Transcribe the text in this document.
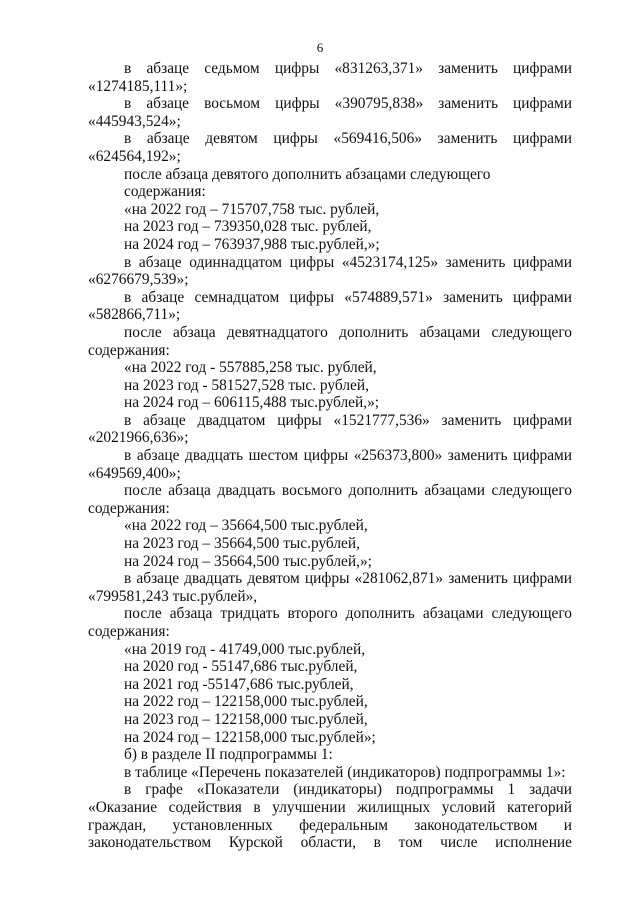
6

в абзаце седьмом цифры «831263,371» заменить цифрами

«1274185,111»;

в абзаце восьмом цифры «390795,838» заменить цифрами

«445943,524»;

в абзаце девятом цифры «569416,506» заменить цифрами

«624564,192»;

после абзаца девятого дополнить абзацами следующего содержания:

«на 2022 год – 715707,758 тыс. рублей,

на 2023 год – 739350,028 тыс. рублей,

на 2024 год – 763937,988 тыс.рублей,»;

в абзаце одиннадцатом цифры «4523174,125» заменить цифрами

«6276679,539»;

в абзаце семнадцатом цифры «574889,571» заменить цифрами

«582866,711»;

после абзаца девятнадцатого дополнить абзацами следующего

содержания:

«на 2022 год - 557885,258 тыс. рублей,

на 2023 год - 581527,528 тыс. рублей,

на 2024 год – 606115,488 тыс.рублей,»;

в абзаце двадцатом цифры «1521777,536» заменить цифрами

«2021966,636»;

в абзаце двадцать шестом цифры «256373,800» заменить цифрами

«649569,400»;

после абзаца двадцать восьмого дополнить абзацами следующего

содержания:

«на 2022 год – 35664,500 тыс.рублей,

на 2023 год – 35664,500 тыс.рублей,

на 2024 год – 35664,500 тыс.рублей,»;

в абзаце двадцать девятом цифры «281062,871» заменить цифрами

«799581,243 тыс.рублей»,

после абзаца тридцать второго дополнить абзацами следующего

содержания:

«на 2019 год - 41749,000 тыс.рублей,

на 2020 год - 55147,686 тыс.рублей,

на 2021 год -55147,686 тыс.рублей,

на 2022 год – 122158,000 тыс.рублей,

на 2023 год – 122158,000 тыс.рублей,

на 2024 год – 122158,000 тыс.рублей»;

б) в разделе II подпрограммы 1:

в таблице «Перечень показателей (индикаторов) подпрограммы 1»:

в графе «Показатели (индикаторы) подпрограммы 1 задачи

«Оказание содействия в улучшении жилищных условий категорий

граждан, установленных федеральным законодательством и

законодательством Курской области, в том числе исполнение
